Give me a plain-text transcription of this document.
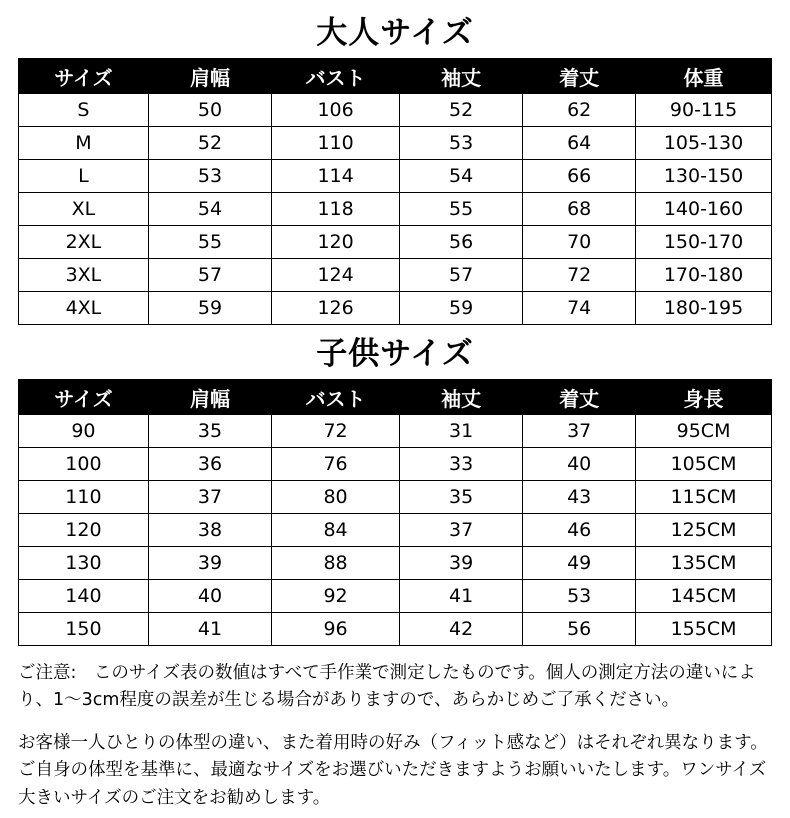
大人サイズ
サイズ	肩幅	バスト	袖丈	着丈	体重
S	50	106	52	62	90-115
M	52	110	53	64	105-130
L	53	114	54	66	130-150
XL	54	118	55	68	140-160
2XL	55	120	56	70	150-170
3XL	57	124	57	72	170-180
4XL	59	126	59	74	180-195
子供サイズ
サイズ	肩幅	バスト	袖丈	着丈	身長
90	35	72	31	37	95CM
100	36	76	33	40	105CM
110	37	80	35	43	115CM
120	38	84	37	46	125CM
130	39	88	39	49	135CM
140	40	92	41	53	145CM
150	41	96	42	56	155CM

ご注意:　このサイズ表の数値はすべて手作業で測定したものです。個人の測定方法の違いにより、1〜3cm程度の誤差が生じる場合がありますので、あらかじめご了承ください。

お客様一人ひとりの体型の違い、また着用時の好み（フィット感など）はそれぞれ異なります。ご自身の体型を基準に、最適なサイズをお選びいただきますようお願いいたします。ワンサイズ大きいサイズのご注文をお勧めします。
